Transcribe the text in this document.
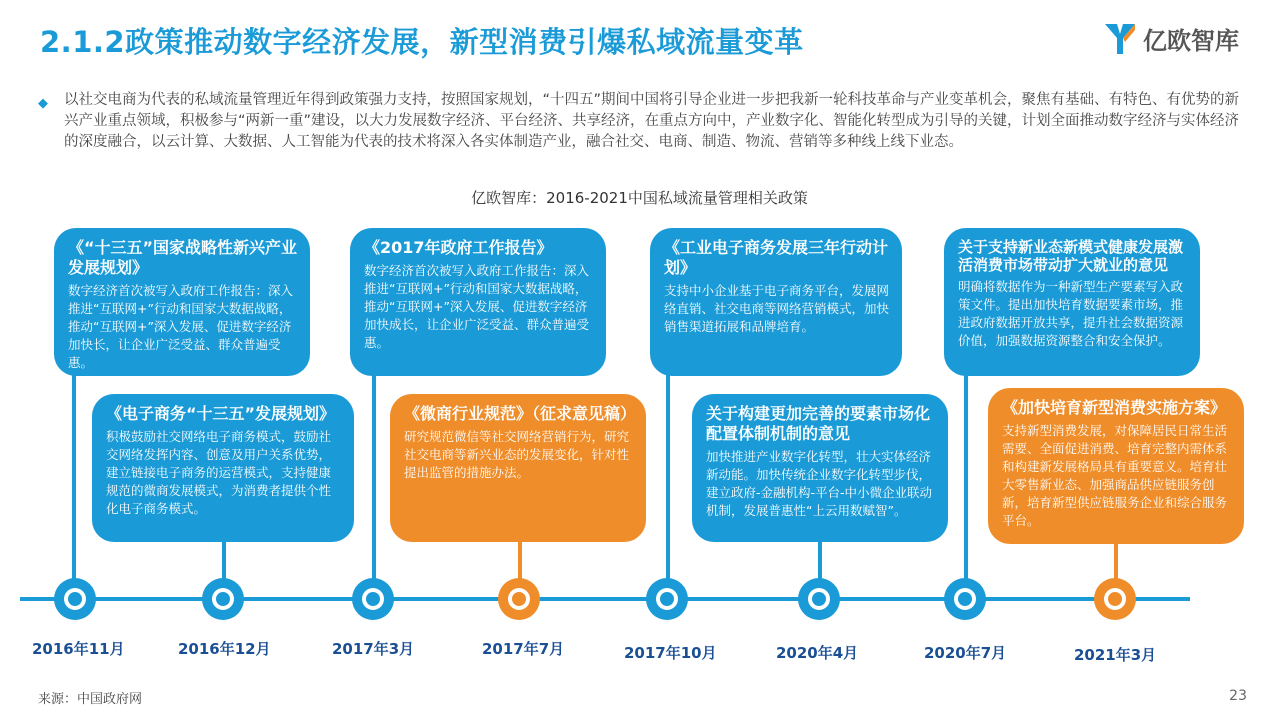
2.1.2政策推动数字经济发展，新型消费引爆私域流量变革	亿欧智库
◆	以社交电商为代表的私域流量管理近年得到政策强力支持，按照国家规划，“十四五”期间中国将引导企业进一步把我新一轮科技革命与产业变革机会，聚焦有基础、有特色、有优势的新兴产业重点领域，积极参与“两新一重”建设，以大力发展数字经济、平台经济、共享经济，在重点方向中，产业数字化、智能化转型成为引导的关键，计划全面推动数字经济与实体经济的深度融合，以云计算、大数据、人工智能为代表的技术将深入各实体制造产业，融合社交、电商、制造、物流、营销等多种线上线下业态。
亿欧智库：2016-2021中国私域流量管理相关政策
《“十三五”国家战略性新兴产业发展规划》
数字经济首次被写入政府工作报告：深入推进“互联网+”行动和国家大数据战略，推动“互联网+”深入发展、促进数字经济加快长，让企业广泛受益、群众普遍受惠。
《电子商务“十三五”发展规划》
积极鼓励社交网络电子商务模式，鼓励社交网络发挥内容、创意及用户关系优势，建立链接电子商务的运营模式，支持健康规范的微商发展模式，为消费者提供个性化电子商务模式。
《2017年政府工作报告》
数字经济首次被写入政府工作报告：深入推进“互联网+”行动和国家大数据战略，推动“互联网+”深入发展、促进数字经济加快成长，让企业广泛受益、群众普遍受惠。
《微商行业规范》（征求意见稿）
研究规范微信等社交网络营销行为，研究社交电商等新兴业态的发展变化，针对性提出监管的措施办法。
《工业电子商务发展三年行动计划》
支持中小企业基于电子商务平台，发展网络直销、社交电商等网络营销模式，加快销售渠道拓展和品牌培育。
关于构建更加完善的要素市场化配置体制机制的意见
加快推进产业数字化转型，壮大实体经济新动能。加快传统企业数字化转型步伐，建立政府-金融机构-平台-中小微企业联动机制，发展普惠性“上云用数赋智”。
关于支持新业态新模式健康发展激活消费市场带动扩大就业的意见
明确将数据作为一种新型生产要素写入政策文件。提出加快培育数据要素市场，推进政府数据开放共享，提升社会数据资源价值，加强数据资源整合和安全保护。
《加快培育新型消费实施方案》
支持新型消费发展，对保障居民日常生活需要、全面促进消费、培育完整内需体系和构建新发展格局具有重要意义。培育壮大零售新业态、加强商品供应链服务创新，培育新型供应链服务企业和综合服务平台。
2016年11月	2016年12月	2017年3月	2017年7月	2017年10月	2020年4月	2020年7月	2021年3月
来源：中国政府网	23
